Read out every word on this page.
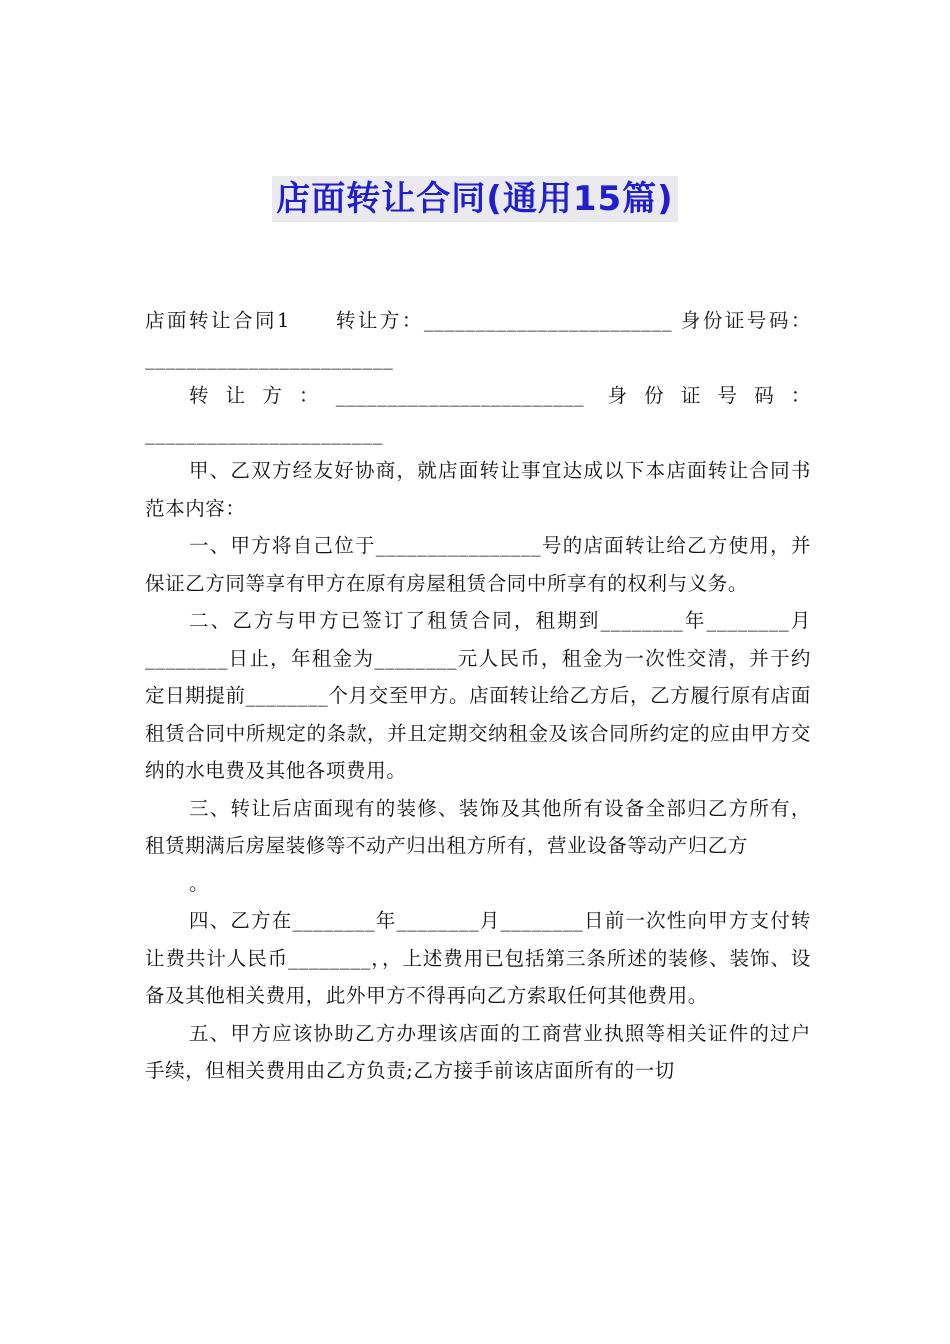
店面转让合同(通用15篇)

店面转让合同1　　转让方：________________________ 身份证号码：________________________

转让方：________________________ 身份证号码：_______________________

甲、乙双方经友好协商，就店面转让事宜达成以下本店面转让合同书范本内容：

一、甲方将自己位于________________号的店面转让给乙方使用，并保证乙方同等享有甲方在原有房屋租赁合同中所享有的权利与义务。

二、乙方与甲方已签订了租赁合同，租期到________年________月________日止，年租金为________元人民币，租金为一次性交清，并于约定日期提前________个月交至甲方。店面转让给乙方后，乙方履行原有店面租赁合同中所规定的条款，并且定期交纳租金及该合同所约定的应由甲方交纳的水电费及其他各项费用。

三、转让后店面现有的装修、装饰及其他所有设备全部归乙方所有，租赁期满后房屋装修等不动产归出租方所有，营业设备等动产归乙方

。

四、乙方在________年________月________日前一次性向甲方支付转让费共计人民币________，，上述费用已包括第三条所述的装修、装饰、设备及其他相关费用，此外甲方不得再向乙方索取任何其他费用。

五、甲方应该协助乙方办理该店面的工商营业执照等相关证件的过户手续，但相关费用由乙方负责;乙方接手前该店面所有的一切
